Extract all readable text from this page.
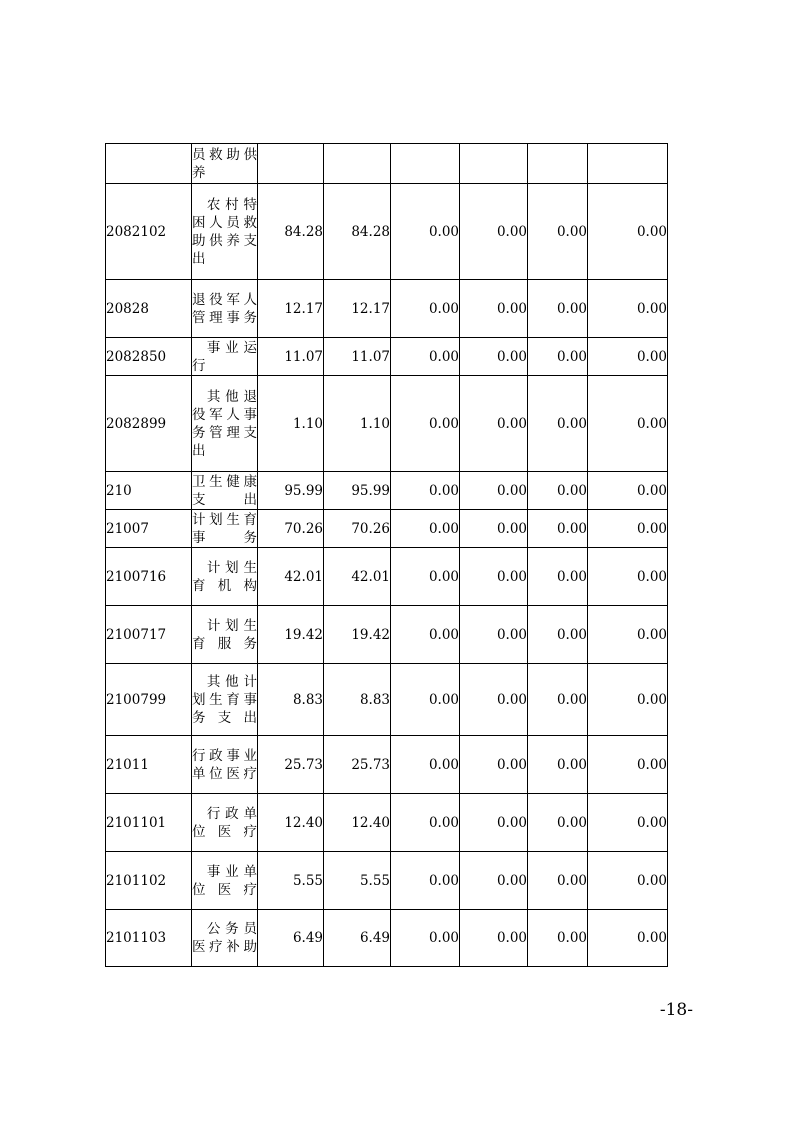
	员救助供养						
2082102	农村特困人员救助供养支出	84.28	84.28	0.00	0.00	0.00	0.00
20828	退役军人管理事务	12.17	12.17	0.00	0.00	0.00	0.00
2082850	事业运行	11.07	11.07	0.00	0.00	0.00	0.00
2082899	其他退役军人事务管理支出	1.10	1.10	0.00	0.00	0.00	0.00
210	卫生健康支出	95.99	95.99	0.00	0.00	0.00	0.00
21007	计划生育事务	70.26	70.26	0.00	0.00	0.00	0.00
2100716	计划生育机构	42.01	42.01	0.00	0.00	0.00	0.00
2100717	计划生育服务	19.42	19.42	0.00	0.00	0.00	0.00
2100799	其他计划生育事务支出	8.83	8.83	0.00	0.00	0.00	0.00
21011	行政事业单位医疗	25.73	25.73	0.00	0.00	0.00	0.00
2101101	行政单位医疗	12.40	12.40	0.00	0.00	0.00	0.00
2101102	事业单位医疗	5.55	5.55	0.00	0.00	0.00	0.00
2101103	公务员医疗补助	6.49	6.49	0.00	0.00	0.00	0.00
-18-
